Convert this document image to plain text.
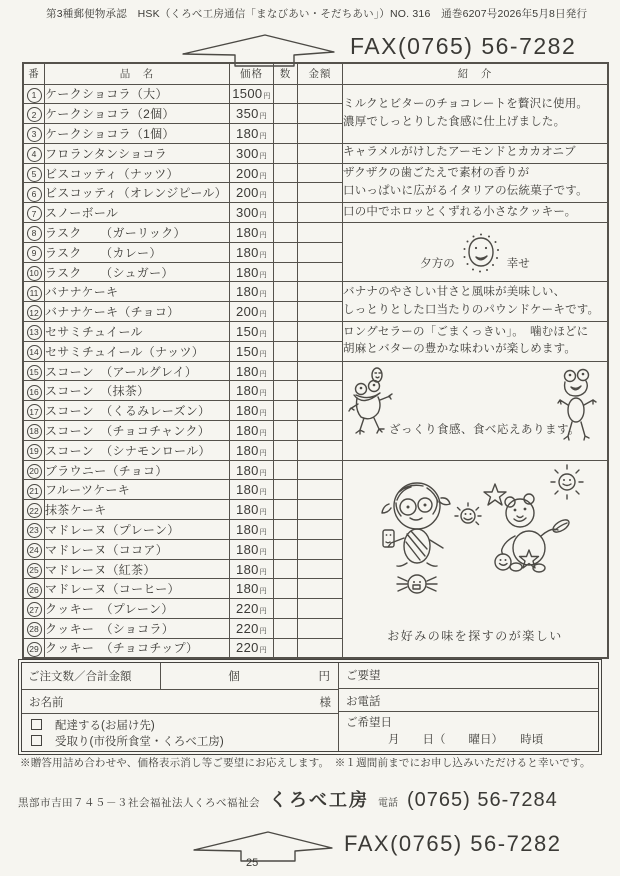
第3種郵便物承認　HSK（くろべ工房通信「まなびあい・そだちあい」）NO. 316　通巻6207号2026年5月8日発行
FAX(0765) 56-7282
番	品　名	価格	数	金額	紹　介
1	ケークショコラ（大）	1500円			ミルクとビターのチョコレートを贅沢に使用。
濃厚でしっとりした食感に仕上げました。

2	ケークショコラ（2個）	350円			
3	ケークショコラ（1個）	180円			
4	フロランタンショコラ	300円			キャラメルがけしたアーモンドとカカオニブ

5	ビスコッティ（ナッツ）	200円			ザクザクの歯ごたえで素材の香りが
口いっぱいに広がるイタリアの伝統菓子です。

6	ビスコッティ（オレンジピール）	200円			
7	スノーボール	300円			口の中でホロッとくずれる小さなクッキー。

8	ラスク　　（ガーリック）	180円			夕方の 幸せ

9	ラスク　　（カレー）	180円			
10	ラスク　　（シュガー）	180円			
11	バナナケーキ	180円			バナナのやさしい甘さと風味が美味しい、
しっとりとした口当たりのパウンドケーキです。

12	バナナケーキ（チョコ）	200円			
13	セサミチュイール	150円			ロングセラーの「ごまくっきい」。　噛むほどに
胡麻とバターの豊かな味わいが楽しめます。

14	セサミチュイール（ナッツ）	150円			
15	スコーン　（アールグレイ）	180円			ざっくり食感、食べ応えあります。

16	スコーン　（抹茶）	180円			
17	スコーン　（くるみレーズン）	180円			
18	スコーン　（チョコチャンク）	180円			
19	スコーン　（シナモンロール）	180円			
20	ブラウニー（チョコ）	180円			お好みの味を探すのが楽しい

21	フルーツケーキ	180円			
22	抹茶ケーキ	180円			
23	マドレーヌ（プレーン）	180円			
24	マドレーヌ（ココア）	180円			
25	マドレーヌ（紅茶）	180円			
26	マドレーヌ（コーヒー）	180円			
27	クッキー　（プレーン）	220円			
28	クッキー　（ショコラ）	220円			
29	クッキー　（チョコチップ）	220円			
ご注文数／合計金額	個	円
お名前	様
配達する(お届け先)
受取り(市役所食堂・くろべ工房)
ご要望
お電話
ご希望日
月　　日（　　曜日）　　時頃
※贈答用詰め合わせや、価格表示消し等ご要望にお応えします。　※１週間前までにお申し込みいただけると幸いです。
黒部市吉田７４５－３社会福祉法人くろべ福祉会 くろべ工房 電話 (0765) 56-7284
FAX(0765) 56-7282
25
